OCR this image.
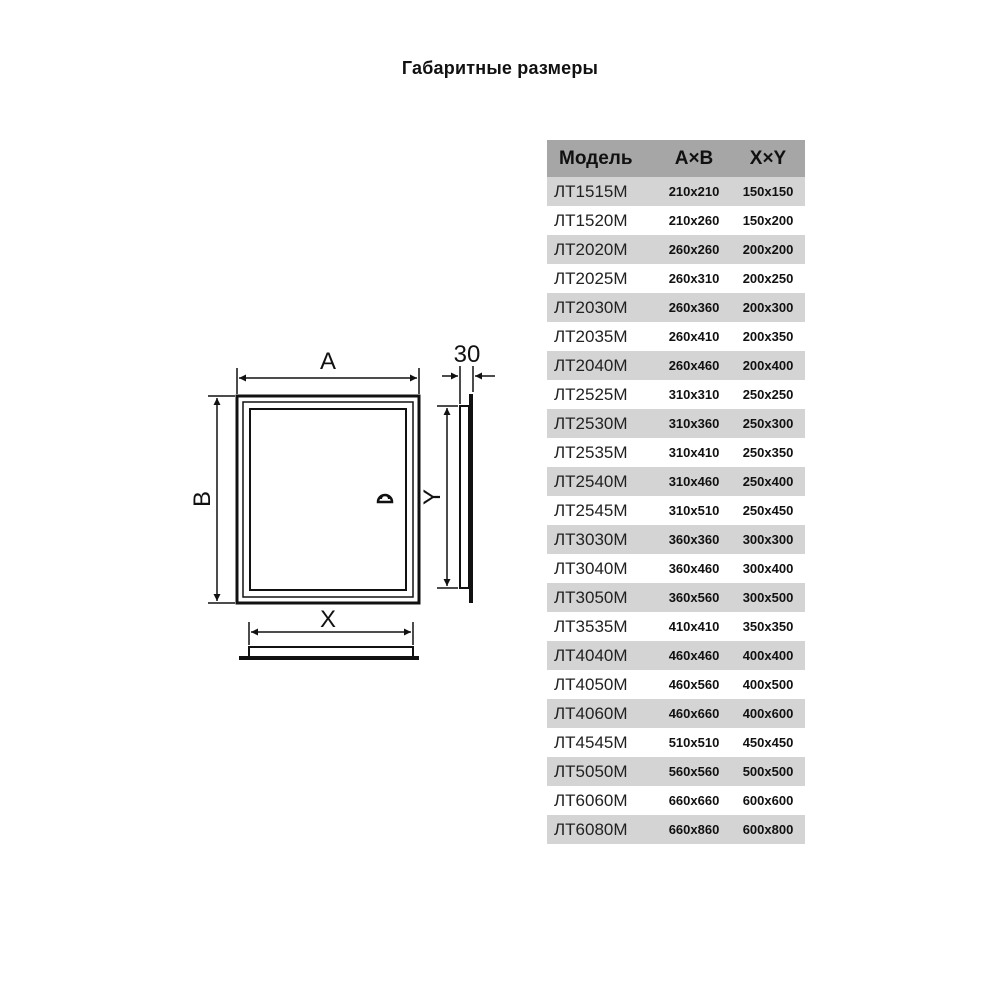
Габаритные размеры
A
B
X
Y
30
Модель	A×B	X×Y
ЛТ1515М	210x210	150x150
ЛТ1520М	210x260	150x200
ЛТ2020М	260x260	200x200
ЛТ2025М	260x310	200x250
ЛТ2030М	260x360	200x300
ЛТ2035М	260x410	200x350
ЛТ2040М	260x460	200x400
ЛТ2525М	310x310	250x250
ЛТ2530М	310x360	250x300
ЛТ2535М	310x410	250x350
ЛТ2540М	310x460	250x400
ЛТ2545М	310x510	250x450
ЛТ3030М	360x360	300x300
ЛТ3040М	360x460	300x400
ЛТ3050М	360x560	300x500
ЛТ3535М	410x410	350x350
ЛТ4040М	460x460	400x400
ЛТ4050М	460x560	400x500
ЛТ4060М	460x660	400x600
ЛТ4545М	510x510	450x450
ЛТ5050М	560x560	500x500
ЛТ6060М	660x660	600x600
ЛТ6080М	660x860	600x800
